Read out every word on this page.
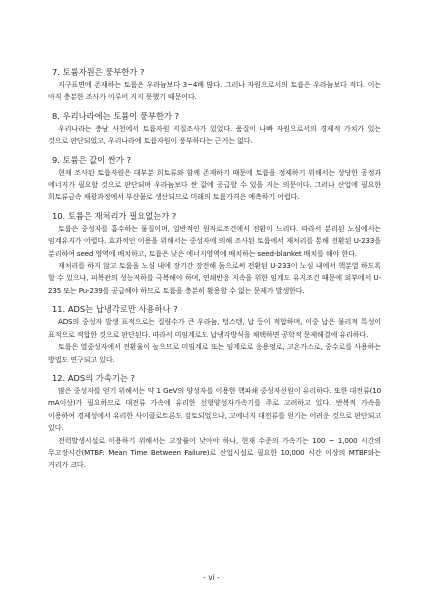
7. 토륨자원은 풍부한가 ?

지구표면에 존재하는 토륨은 우라늄보다 3~4배 많다. 그러나 자원으로서의 토륨은 우라늄보다 적다. 이는 아직 충분한 조사가 이루어 지지 못했기 때문이다.

8. 우리나라에는 토륨이 풍부한가 ?

우리나라는 충남 사천에서 토륨자원 지질조사가 있었다. 품질이 나빠 자원으로서의 경제적 가치가 있는 것으로 판단되었고, 우리나라에 토륨자원이 풍부하다는 근거는 없다.

9. 토륨은 값이 싼가 ?

현재 조사된 토륨자원은 대부분 희토류와 함께 존재하기 때문에 토륨을 정제하기 위해서는 상당한 공정과 에너지가 필요할 것으로 판단되며 우라늄보다 싼 값에 공급할 수 있을 지는 의문이다. 그러나 산업에 필요한 희토류금속 채광과정에서 부산물로 생산되므로 미래의 토륨가격은 예측하기 어렵다.

10. 토륨은 재처리가 필요없는가 ?

토륨은 중성자를 흡수하는 물질이며, 일반적인 원자로조건에서 전환이 느리다. 따라서 분리된 노심에서는 임계유지가 어렵다. 효과적인 이용을 위해서는 중성자에 의해 조사된 토륨에서 재처리를 통해 전환된 U-233을 분리하여 seed 영역에 배치하고, 토륨은 낮은 에너지영역에 배치하는 seed-blanket 배치를 해야 한다.

재처리를 하지 않고 토륨을 노심 내에 장기간 장전해 둠으로써 전환된 U-233이 노심 내에서 핵분열 하도록 할 수 있으나, 피복관의 성능저하를 극복해야 하며, 연쇄반응 지속을 위한 임계도 유지조건 때문에 외부에서 U-235 또는 Pu-239를 공급해야 하므로 토륨을 충분히 활용할 수 없는 문제가 발생한다.

11. ADS는 납냉각로만 사용하나 ?

ADS의 중성자 발생 표적으로는 질량수가 큰 우라늄, 텅스텐, 납 등이 적합하며, 이중 납은 물리적 특성이 표적으로 적합한 것으로 판단된다. 따라서 미임계로도 납냉각방식을 채택하면 공학적 문제해결에 유리하다.

토륨은 열중성자에서 전환율이 높으므로 미임계로 또는 임계로로 응용엉로, 고온가스로, 중수로를 사용하는 방법도 연구되고 있다.

12. ADS의 가속기는 ?

많은 중성자를 얻기 위해서는 약 1 GeV의 양성자를 이용한 핵파쇄 중성자선원이 유리하다. 또한 대전류(10 mA이상)가 필요하므로 대전류 가속에 유리한 선형양성자가속기를 주로 고려하고 있다. 반복적 가속을 이용하여 경제성에서 유리한 사이클로트론도 검토되었으나, 고에너지 대전류를 얻기는 어려운 것으로 판단되고 있다.

전력발생시설로 이용하기 위해서는 고장률이 낮아야 하나, 현재 수준의 가속기는 100 ~ 1,000 시간의 무고장시간(MTBF: Mean Time Between Failure)로 산업시설로 필요한 10,000 시간 이상의 MTBF와는 거리가 크다.

- vi -
